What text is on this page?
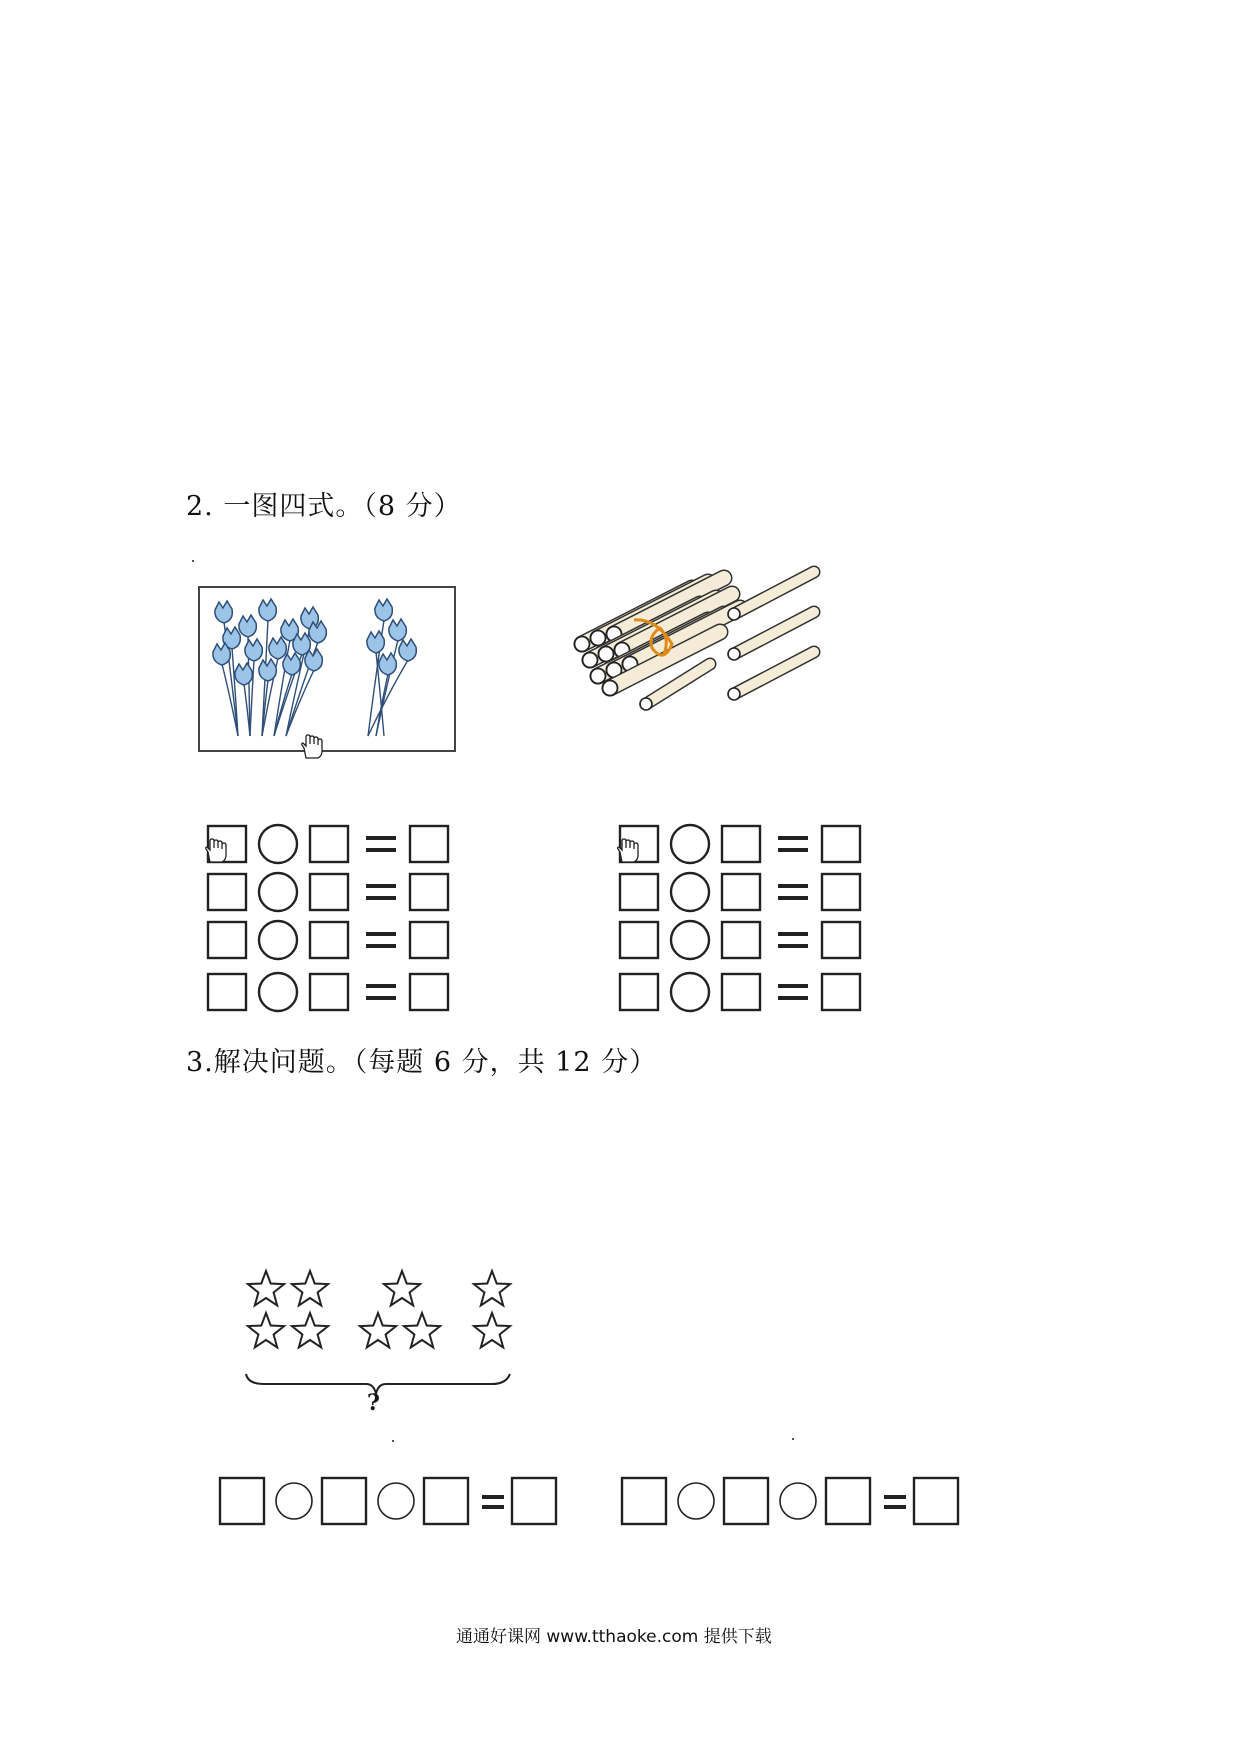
2. 一图四式。（8 分）
3.解决问题。（每题 6 分，共 12 分）
?
通通好课网 www.tthaoke.com 提供下载
